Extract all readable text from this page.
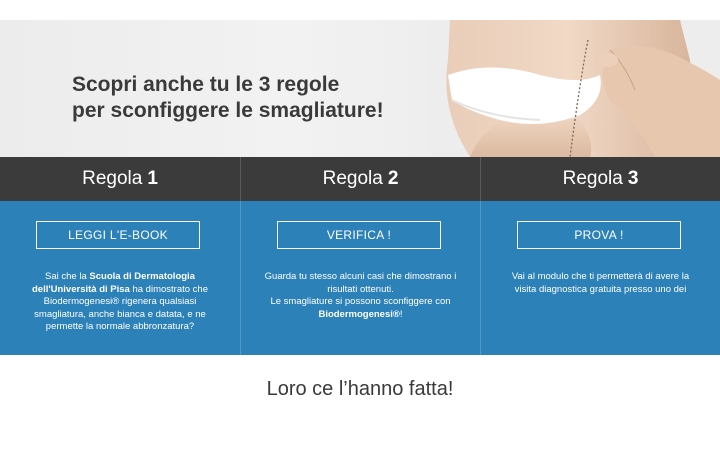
Scopri anche tu le 3 regole
per sconfiggere le smagliature!
Regola 1
LEGGI L'E-BOOK

Sai che la Scuola di Dermatologia dell'Università di Pisa ha dimostrato che Biodermogenesi® rigenera qualsiasi smagliatura, anche bianca e datata, e ne permette la normale abbronzatura?

Regola 2
VERIFICA !

Guarda tu stesso alcuni casi che dimostrano i risultati ottenuti.
Le smagliature si possono sconfiggere con Biodermogenesi®!

Regola 3
PROVA !

Vai al modulo che ti permetterà di avere la visita diagnostica gratuita presso uno dei

Loro ce l’hanno fatta!
